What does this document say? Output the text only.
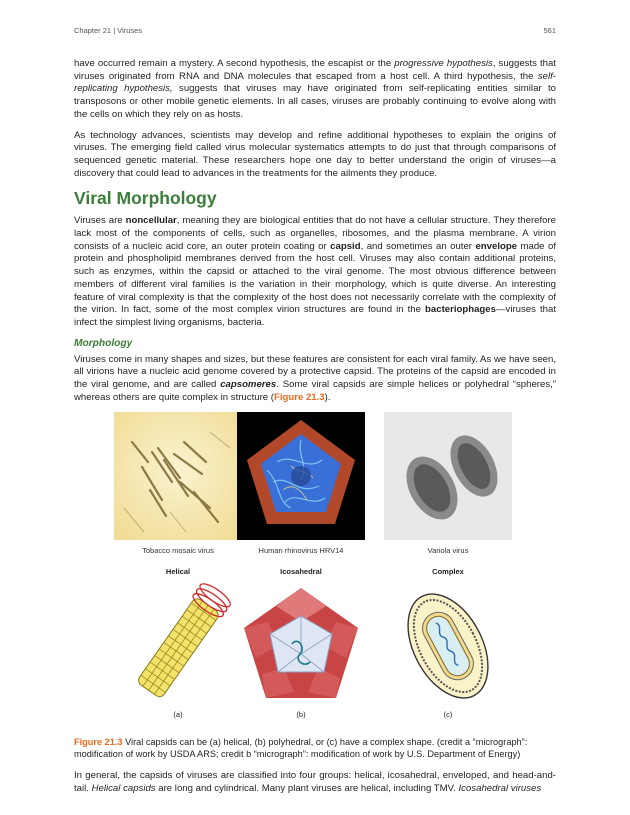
Chapter 21 | Viruses	561

have occurred remain a mystery. A second hypothesis, the escapist or the progressive hypothesis, suggests that viruses originated from RNA and DNA molecules that escaped from a host cell. A third hypothesis, the self-replicating hypothesis, suggests that viruses may have originated from self-replicating entities similar to transposons or other mobile genetic elements. In all cases, viruses are probably continuing to evolve along with the cells on which they rely on as hosts.

As technology advances, scientists may develop and refine additional hypotheses to explain the origins of viruses. The emerging field called virus molecular systematics attempts to do just that through comparisons of sequenced genetic material. These researchers hope one day to better understand the origin of viruses—a discovery that could lead to advances in the treatments for the ailments they produce.

Viral Morphology

Viruses are noncellular, meaning they are biological entities that do not have a cellular structure. They therefore lack most of the components of cells, such as organelles, ribosomes, and the plasma membrane. A virion consists of a nucleic acid core, an outer protein coating or capsid, and sometimes an outer envelope made of protein and phospholipid membranes derived from the host cell. Viruses may also contain additional proteins, such as enzymes, within the capsid or attached to the viral genome. The most obvious difference between members of different viral families is the variation in their morphology, which is quite diverse. An interesting feature of viral complexity is that the complexity of the host does not necessarily correlate with the complexity of the virion. In fact, some of the most complex virion structures are found in the bacteriophages—viruses that infect the simplest living organisms, bacteria.

Morphology

Viruses come in many shapes and sizes, but these features are consistent for each viral family. As we have seen, all virions have a nucleic acid genome covered by a protective capsid. The proteins of the capsid are encoded in the viral genome, and are called capsomeres. Some viral capsids are simple helices or polyhedral “spheres,” whereas others are quite complex in structure (Figure 21.3).

Tobacco mosaic virus	Human rhinovirus HRV14	Variola virus
Helical	Icosahedral	Complex
(a)	(b)	(c)

Figure 21.3 Viral capsids can be (a) helical, (b) polyhedral, or (c) have a complex shape. (credit a “micrograph”: modification of work by USDA ARS; credit b “micrograph”: modification of work by U.S. Department of Energy)

In general, the capsids of viruses are classified into four groups: helical, icosahedral, enveloped, and head-and-tail. Helical capsids are long and cylindrical. Many plant viruses are helical, including TMV. Icosahedral viruses
